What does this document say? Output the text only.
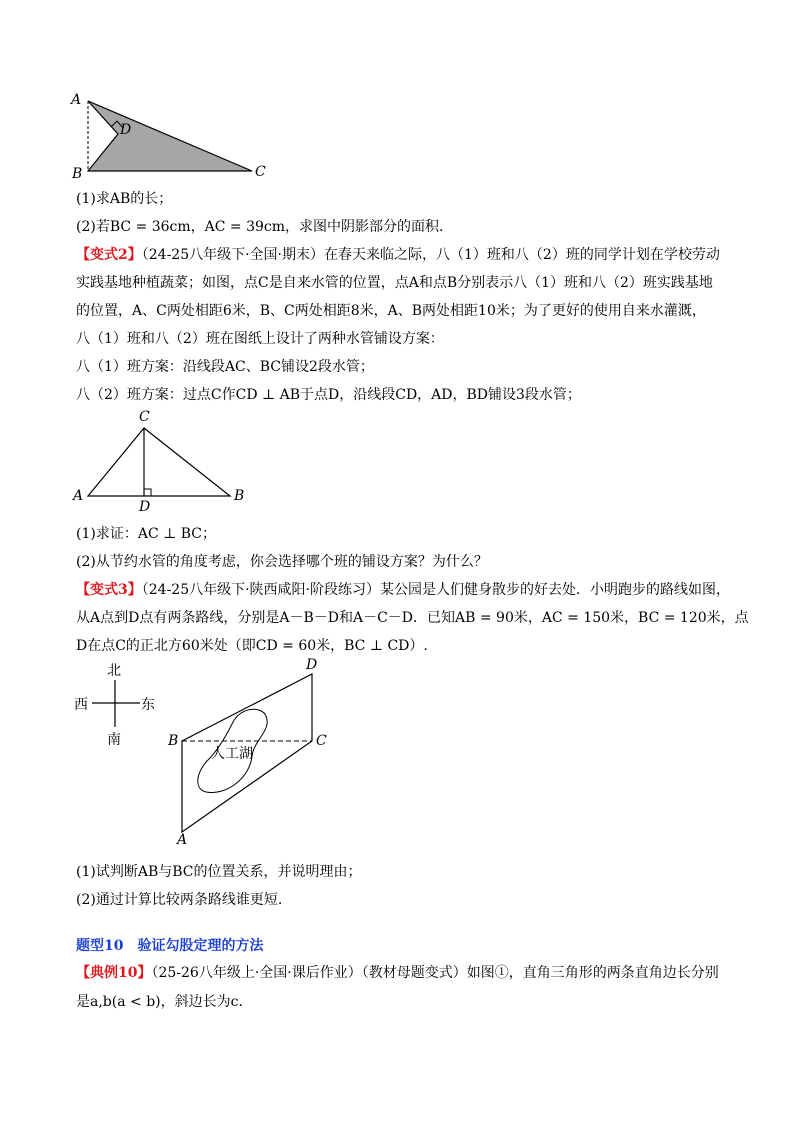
A
D
B	C
(1)求AB的长；
(2)若BC = 36cm，AC = 39cm，求图中阴影部分的面积.
【变式2】（24-25八年级下·全国·期末）在春天来临之际，八（1）班和八（2）班的同学计划在学校劳动
实践基地种植蔬菜；如图，点C是自来水管的位置，点A和点B分别表示八（1）班和八（2）班实践基地
的位置，A、C两处相距6米，B、C两处相距8米，A、B两处相距10米；为了更好的使用自来水灌溉，
八（1）班和八（2）班在图纸上设计了两种水管铺设方案：
八（1）班方案：沿线段AC、BC铺设2段水管；
八（2）班方案：过点C作CD ⊥ AB于点D，沿线段CD，AD，BD铺设3段水管；
C
A	B
D
(1)求证：AC ⊥ BC；
(2)从节约水管的角度考虑，你会选择哪个班的铺设方案？为什么？
【变式3】（24-25八年级下·陕西咸阳·阶段练习）某公园是人们健身散步的好去处．小明跑步的路线如图，
从A点到D点有两条路线，分别是A－B－D和A－C－D．已知AB = 90米，AC = 150米，BC = 120米，点
D在点C的正北方60米处（即CD = 60米，BC ⊥ CD）.
北
西	东
南
人工湖
D
B	C
A
(1)试判断AB与BC的位置关系，并说明理由；
(2)通过计算比较两条路线谁更短.
题型10　验证勾股定理的方法
【典例10】（25-26八年级上·全国·课后作业）（教材母题变式）如图①，直角三角形的两条直角边长分别
是a,b(a < b)，斜边长为c.
